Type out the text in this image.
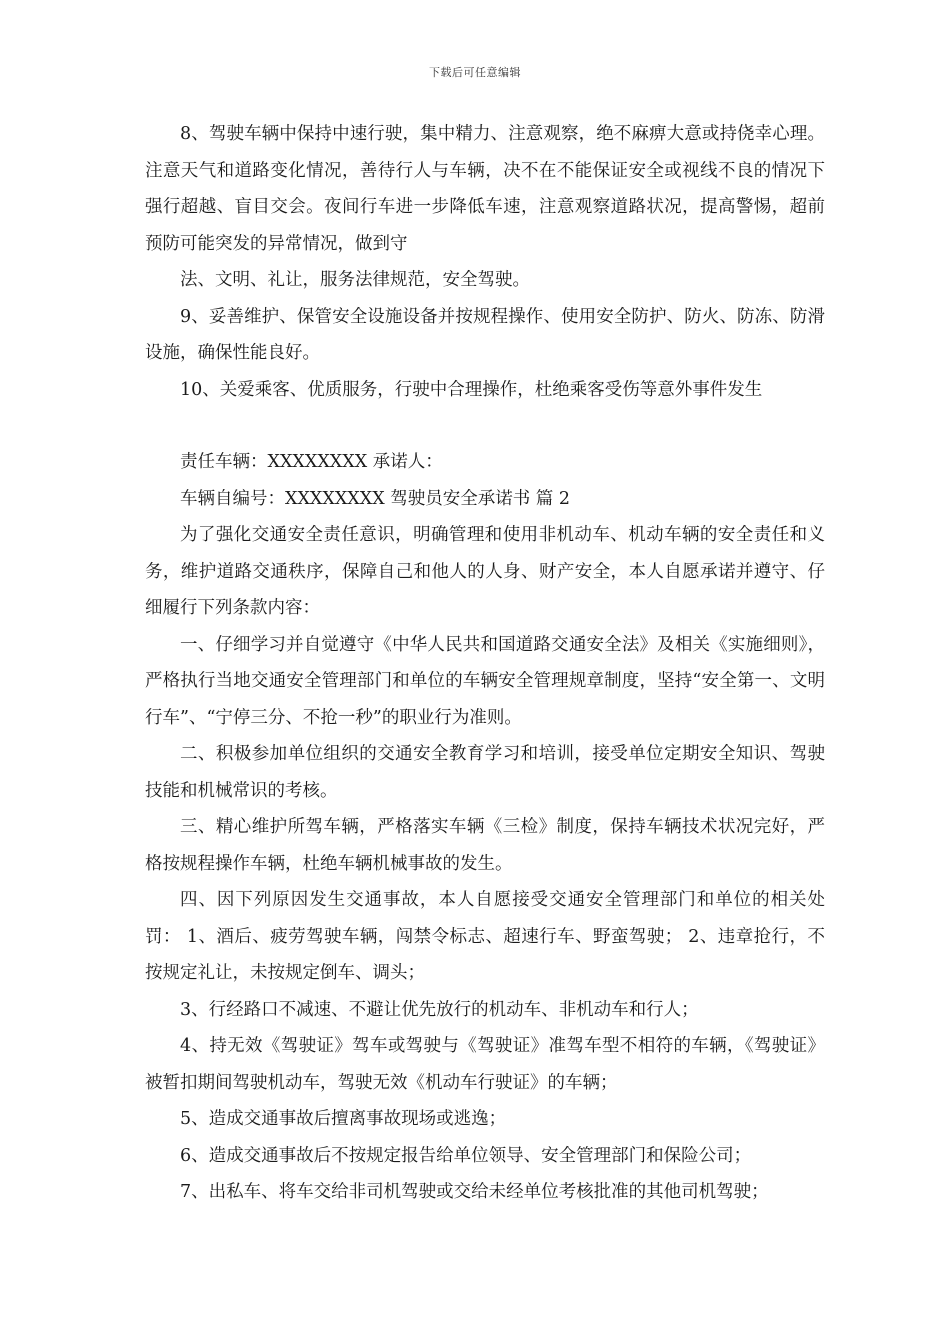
下载后可任意编辑

8、驾驶车辆中保持中速行驶，集中精力、注意观察，绝不麻痹大意或持侥幸心理。注意天气和道路变化情况，善待行人与车辆，决不在不能保证安全或视线不良的情况下强行超越、盲目交会。夜间行车进一步降低车速，注意观察道路状况，提高警惕，超前预防可能突发的异常情况，做到守

法、文明、礼让，服务法律规范，安全驾驶。

9、妥善维护、保管安全设施设备并按规程操作、使用安全防护、防火、防冻、防滑设施，确保性能良好。

10、关爱乘客、优质服务，行驶中合理操作，杜绝乘客受伤等意外事件发生

责任车辆：XXXXXXXX 承诺人：

车辆自编号：XXXXXXXX 驾驶员安全承诺书 篇 2

为了强化交通安全责任意识，明确管理和使用非机动车、机动车辆的安全责任和义务，维护道路交通秩序，保障自己和他人的人身、财产安全，本人自愿承诺并遵守、仔细履行下列条款内容：

一、仔细学习并自觉遵守《中华人民共和国道路交通安全法》及相关《实施细则》，严格执行当地交通安全管理部门和单位的车辆安全管理规章制度，坚持“安全第一、文明行车”、“宁停三分、不抢一秒”的职业行为准则。

二、积极参加单位组织的交通安全教育学习和培训，接受单位定期安全知识、驾驶技能和机械常识的考核。

三、精心维护所驾车辆，严格落实车辆《三检》制度，保持车辆技术状况完好，严格按规程操作车辆，杜绝车辆机械事故的发生。

四、因下列原因发生交通事故，本人自愿接受交通安全管理部门和单位的相关处罚： 1、酒后、疲劳驾驶车辆，闯禁令标志、超速行车、野蛮驾驶； 2、违章抢行，不按规定礼让，未按规定倒车、调头；

3、行经路口不减速、不避让优先放行的机动车、非机动车和行人；

4、持无效《驾驶证》驾车或驾驶与《驾驶证》准驾车型不相符的车辆，《驾驶证》被暂扣期间驾驶机动车，驾驶无效《机动车行驶证》的车辆；

5、造成交通事故后擅离事故现场或逃逸；

6、造成交通事故后不按规定报告给单位领导、安全管理部门和保险公司；

7、出私车、将车交给非司机驾驶或交给未经单位考核批准的其他司机驾驶；
